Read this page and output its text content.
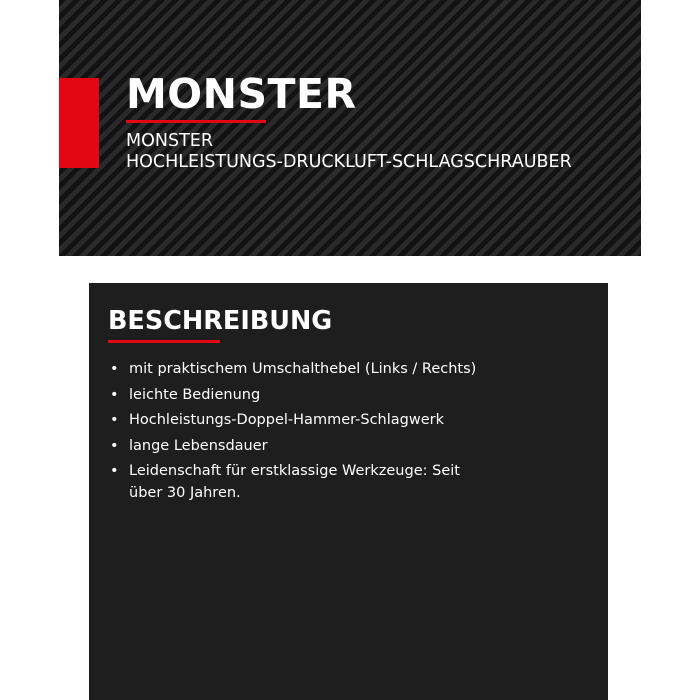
MONSTER
MONSTER
HOCHLEISTUNGS-DRUCKLUFT-SCHLAGSCHRAUBER
BESCHREIBUNG
• mit praktischem Umschalthebel (Links / Rechts)
• leichte Bedienung
• Hochleistungs-Doppel-Hammer-Schlagwerk
• lange Lebensdauer
• Leidenschaft für erstklassige Werkzeuge: Seit über 30 Jahren.
